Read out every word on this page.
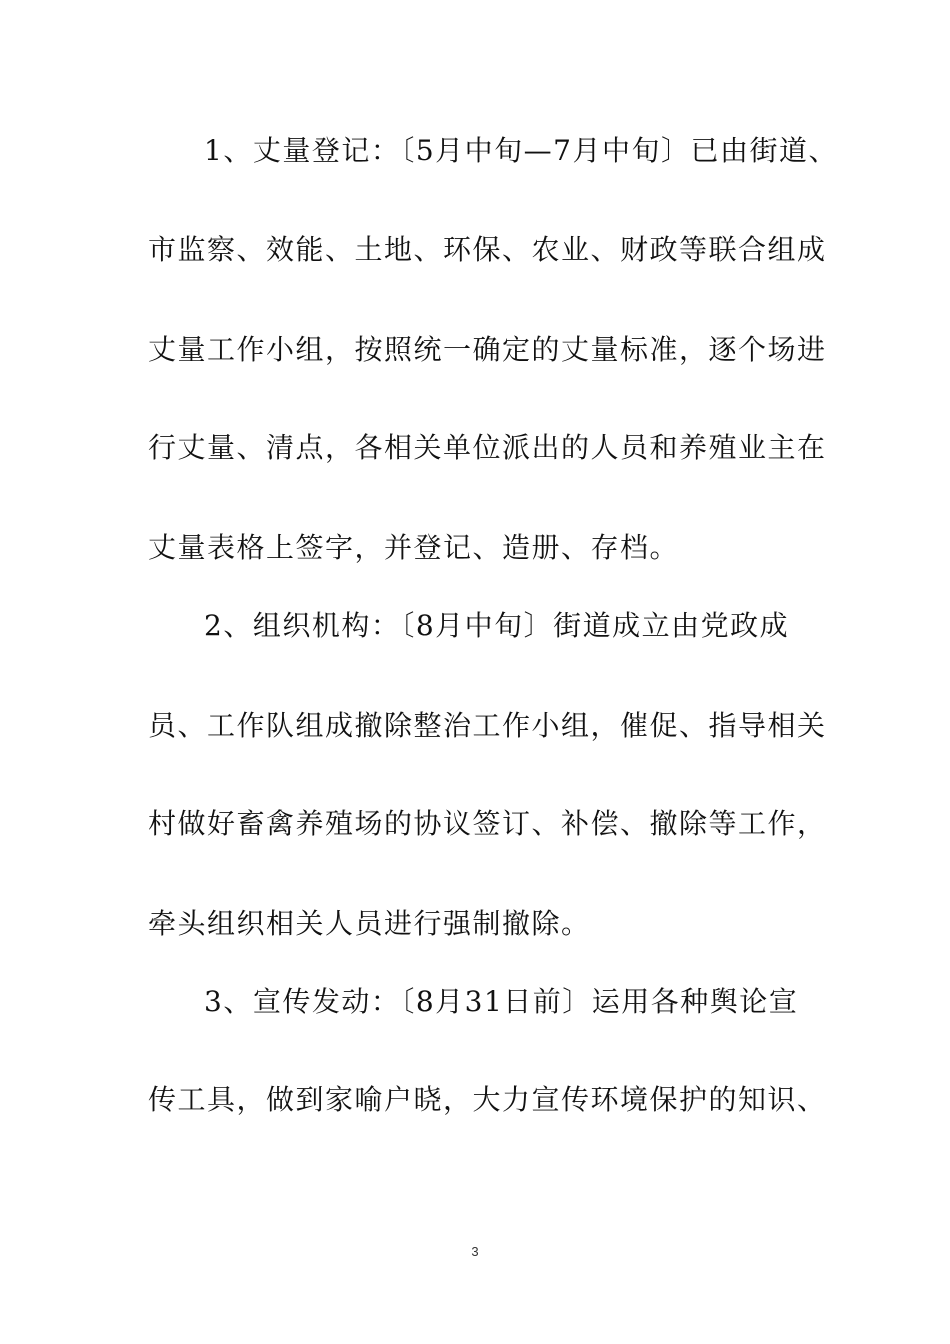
1、丈量登记：〔5月中旬—7月中旬〕已由街道、
市监察、效能、土地、环保、农业、财政等联合组成
丈量工作小组，按照统一确定的丈量标准，逐个场进
行丈量、清点，各相关单位派出的人员和养殖业主在
丈量表格上签字，并登记、造册、存档。
2、组织机构：〔8月中旬〕街道成立由党政成
员、工作队组成撤除整治工作小组，催促、指导相关
村做好畜禽养殖场的协议签订、补偿、撤除等工作，
牵头组织相关人员进行强制撤除。
3、宣传发动：〔8月31日前〕运用各种舆论宣
传工具，做到家喻户晓，大力宣传环境保护的知识、
3
